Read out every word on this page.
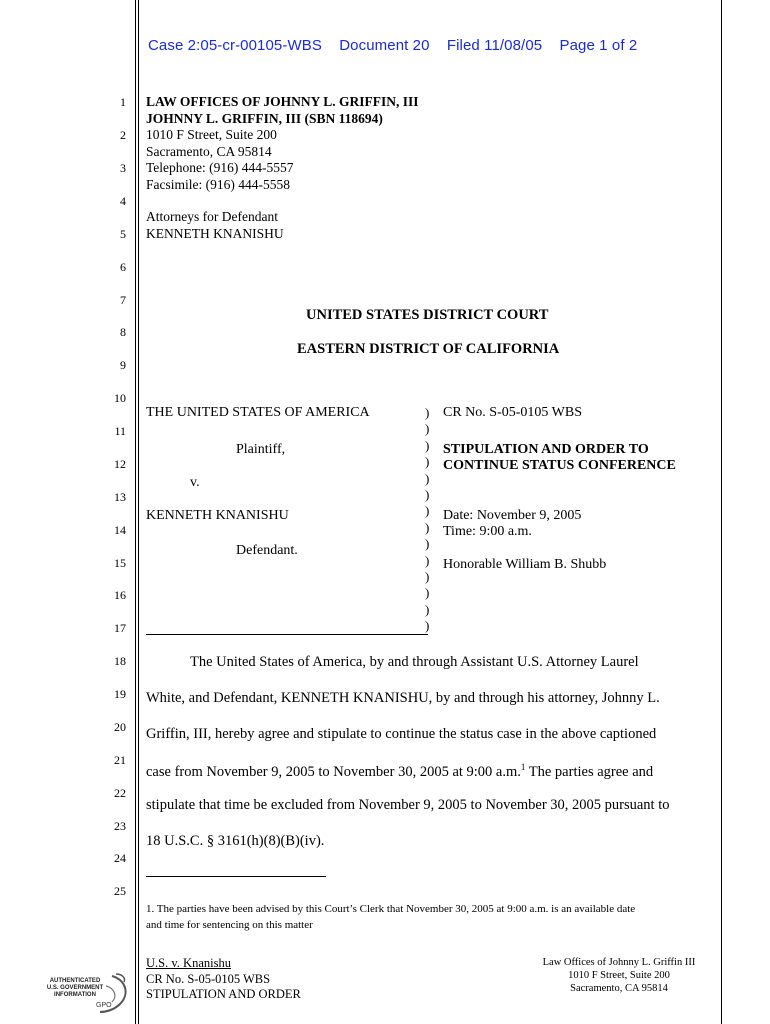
Case 2:05-cr-00105-WBS Document 20 Filed 11/08/05 Page 1 of 2
1
2
3
4
5
6
7
8
9
10
11
12
13
14
15
16
17
18
19
20
21
22
23
24
25
LAW OFFICES OF JOHNNY L. GRIFFIN, III
JOHNNY L. GRIFFIN, III (SBN 118694)
1010 F Street, Suite 200
Sacramento, CA 95814
Telephone: (916) 444-5557
Facsimile: (916) 444-5558
Attorneys for Defendant
KENNETH KNANISHU
UNITED STATES DISTRICT COURT
EASTERN DISTRICT OF CALIFORNIA
THE UNITED STATES OF AMERICA
Plaintiff,
v.
KENNETH KNANISHU
Defendant.
)
)
)
)
)
)
)
)
)
)
)
)
)
)
CR No. S-05-0105 WBS
STIPULATION AND ORDER TO
CONTINUE STATUS CONFERENCE
Date: November 9, 2005
Time: 9:00 a.m.
Honorable William B. Shubb
The United States of America, by and through Assistant U.S. Attorney Laurel
White, and Defendant, KENNETH KNANISHU, by and through his attorney, Johnny L.
Griffin, III, hereby agree and stipulate to continue the status case in the above captioned
case from November 9, 2005 to November 30, 2005 at 9:00 a.m.$^1$ The parties agree and
stipulate that time be excluded from November 9, 2005 to November 30, 2005 pursuant to
18 U.S.C. § 3161(h)(8)(B)(iv).
1. The parties have been advised by this Court’s Clerk that November 30, 2005 at 9:00 a.m. is an available date
and time for sentencing on this matter
U.S. v. Knanishu
CR No. S-05-0105 WBS
STIPULATION AND ORDER
Law Offices of Johnny L. Griffin III
1010 F Street, Suite 200
Sacramento, CA 95814
AUTHENTICATED
U.S. GOVERNMENT
INFORMATION
GPO
